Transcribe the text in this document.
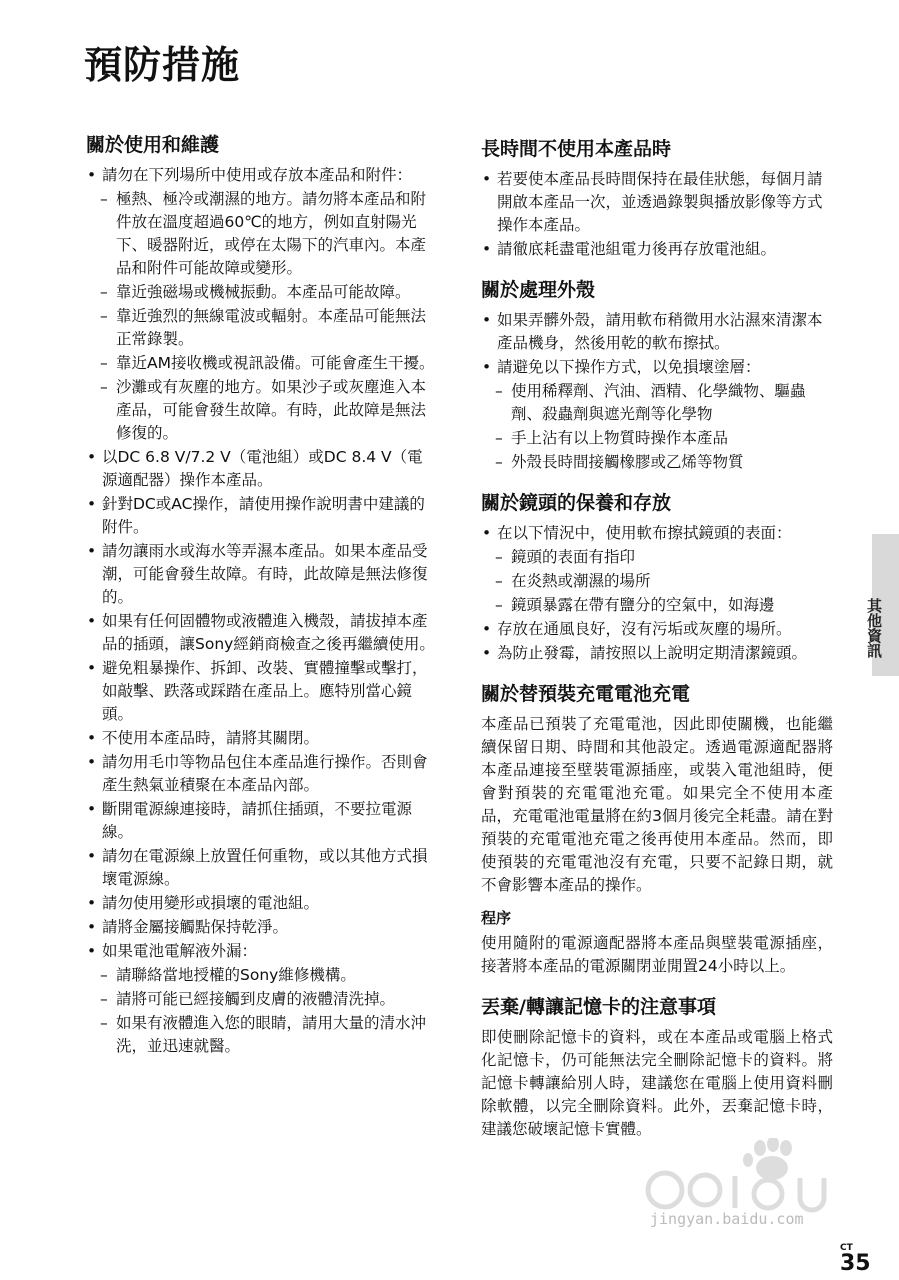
預防措施
關於使用和維護
• 請勿在下列場所中使用或存放本產品和附件：
– 極熱、極冷或潮濕的地方。請勿將本產品和附件放在溫度超過60℃的地方，例如直射陽光下、暖器附近，或停在太陽下的汽車內。本產品和附件可能故障或變形。
– 靠近強磁場或機械振動。本產品可能故障。
– 靠近強烈的無線電波或輻射。本產品可能無法正常錄製。
– 靠近AM接收機或視訊設備。可能會產生干擾。
– 沙灘或有灰塵的地方。如果沙子或灰塵進入本產品，可能會發生故障。有時，此故障是無法修復的。
• 以DC 6.8 V/7.2 V（電池組）或DC 8.4 V（電源適配器）操作本產品。
• 針對DC或AC操作，請使用操作說明書中建議的附件。
• 請勿讓雨水或海水等弄濕本產品。如果本產品受潮，可能會發生故障。有時，此故障是無法修復的。
• 如果有任何固體物或液體進入機殼，請拔掉本產品的插頭，讓Sony經銷商檢查之後再繼續使用。
• 避免粗暴操作、拆卸、改裝、實體撞擊或擊打，如敲擊、跌落或踩踏在產品上。應特別當心鏡頭。
• 不使用本產品時，請將其關閉。
• 請勿用毛巾等物品包住本產品進行操作。否則會產生熱氣並積聚在本產品內部。
• 斷開電源線連接時，請抓住插頭，不要拉電源線。
• 請勿在電源線上放置任何重物，或以其他方式損壞電源線。
• 請勿使用變形或損壞的電池組。
• 請將金屬接觸點保持乾淨。
• 如果電池電解液外漏：
– 請聯絡當地授權的Sony維修機構。
– 請將可能已經接觸到皮膚的液體清洗掉。
– 如果有液體進入您的眼睛，請用大量的清水沖洗，並迅速就醫。
長時間不使用本產品時
• 若要使本產品長時間保持在最佳狀態，每個月請開啟本產品一次，並透過錄製與播放影像等方式操作本產品。
• 請徹底耗盡電池組電力後再存放電池組。
關於處理外殼
• 如果弄髒外殼，請用軟布稍微用水沾濕來清潔本產品機身，然後用乾的軟布擦拭。
• 請避免以下操作方式，以免損壞塗層：
– 使用稀釋劑、汽油、酒精、化學織物、驅蟲劑、殺蟲劑與遮光劑等化學物
– 手上沾有以上物質時操作本產品
– 外殼長時間接觸橡膠或乙烯等物質
關於鏡頭的保養和存放
• 在以下情況中，使用軟布擦拭鏡頭的表面：
– 鏡頭的表面有指印
– 在炎熱或潮濕的場所
– 鏡頭暴露在帶有鹽分的空氣中，如海邊
• 存放在通風良好，沒有污垢或灰塵的場所。
• 為防止發霉，請按照以上說明定期清潔鏡頭。
關於替預裝充電電池充電
本產品已預裝了充電電池，因此即使關機，也能繼續保留日期、時間和其他設定。透過電源適配器將本產品連接至壁裝電源插座，或裝入電池組時，便會對預裝的充電電池充電。如果完全不使用本產品，充電電池電量將在約3個月後完全耗盡。請在對預裝的充電電池充電之後再使用本產品。然而，即使預裝的充電電池沒有充電，只要不記錄日期，就不會影響本產品的操作。
程序
使用隨附的電源適配器將本產品與壁裝電源插座，接著將本產品的電源關閉並閒置24小時以上。
丟棄/轉讓記憶卡的注意事項
即使刪除記憶卡的資料，或在本產品或電腦上格式化記憶卡，仍可能無法完全刪除記憶卡的資料。將記憶卡轉讓給別人時，建議您在電腦上使用資料刪除軟體，以完全刪除資料。此外，丟棄記憶卡時，建議您破壞記憶卡實體。
其他資訊
CT
35
jingyan.baidu.com
